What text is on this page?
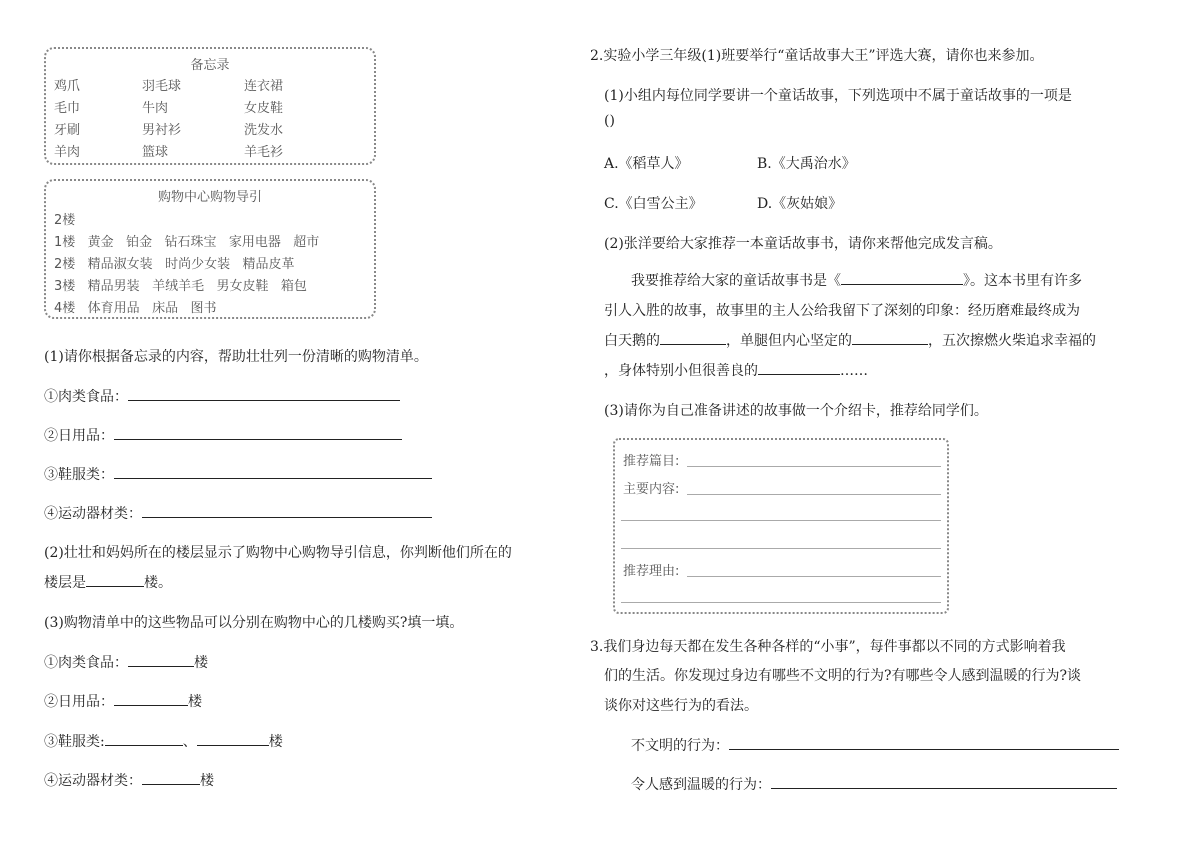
备忘录
鸡爪	羽毛球	连衣裙
毛巾	牛肉	女皮鞋
牙刷	男衬衫	洗发水
羊肉	篮球	羊毛衫
购物中心购物导引
2楼
1楼   黄金   铂金   钻石珠宝   家用电器   超市
2楼   精品淑女装   时尚少女装   精品皮革
3楼   精品男装   羊绒羊毛   男女皮鞋   箱包
4楼   体育用品   床品   图书
(1)请你根据备忘录的内容，帮助壮壮列一份清晰的购物清单。
①肉类食品：
②日用品：
③鞋服类：
④运动器材类：
(2)壮壮和妈妈所在的楼层显示了购物中心购物导引信息，你判断他们所在的
楼层是	楼。
(3)购物清单中的这些物品可以分别在购物中心的几楼购买?填一填。
①肉类食品：	楼
②日用品：	楼
③鞋服类:	、	楼
④运动器材类：	楼
2.实验小学三年级(1)班要举行“童话故事大王”评选大赛，请你也来参加。
(1)小组内每位同学要讲一个童话故事，下列选项中不属于童话故事的一项是
()
A.《稻草人》	B.《大禹治水》
C.《白雪公主》	D.《灰姑娘》
(2)张洋要给大家推荐一本童话故事书，请你来帮他完成发言稿。
我要推荐给大家的童话故事书是《	》。这本书里有许多
引人入胜的故事，故事里的主人公给我留下了深刻的印象：经历磨难最终成为
白天鹅的	，单腿但内心坚定的	，五次擦燃火柴追求幸福的
，身体特别小但很善良的	……
(3)请你为自己准备讲述的故事做一个介绍卡，推荐给同学们。
推荐篇目:
主要内容:
推荐理由:
3.我们身边每天都在发生各种各样的“小事”，每件事都以不同的方式影响着我
们的生活。你发现过身边有哪些不文明的行为?有哪些令人感到温暖的行为?谈
谈你对这些行为的看法。
不文明的行为：
令人感到温暖的行为：
